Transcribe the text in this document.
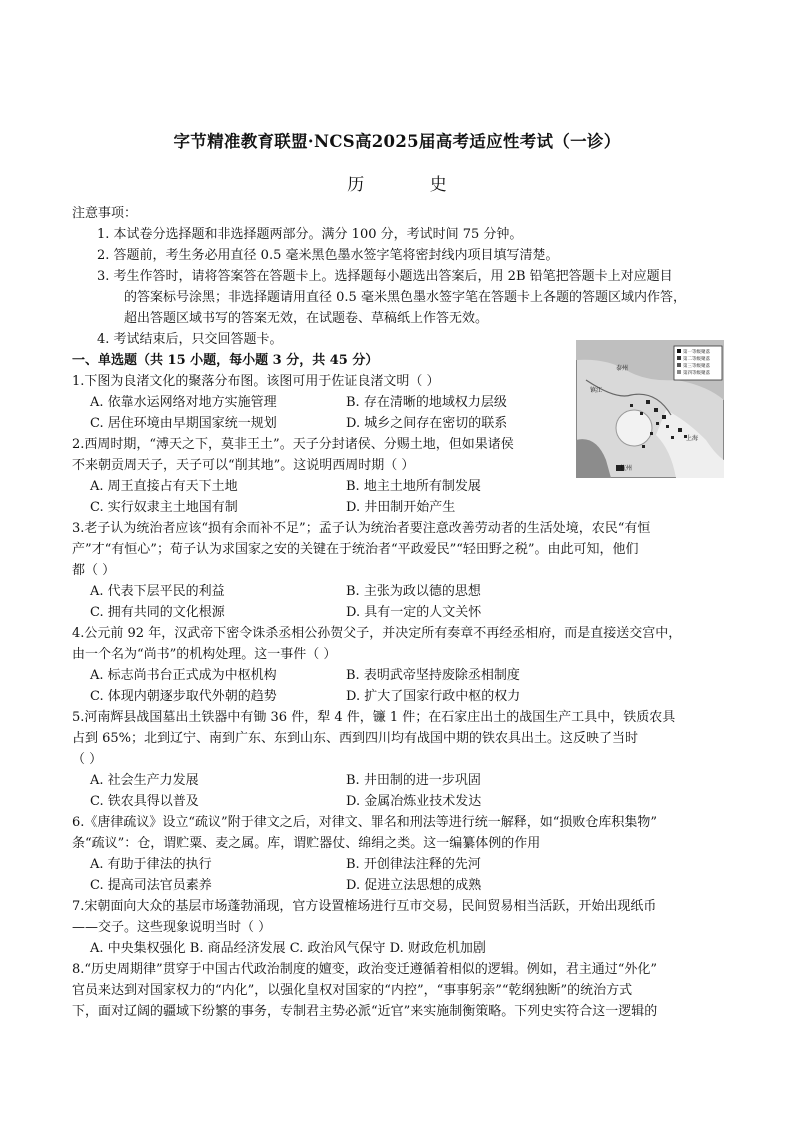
字节精准教育联盟·NCS高2025届高考适应性考试（一诊）
历 史
注意事项：
1. 本试卷分选择题和非选择题两部分。满分 100 分，考试时间 75 分钟。
2. 答题前，考生务必用直径 0.5 毫米黑色墨水签字笔将密封线内项目填写清楚。
3. 考生作答时，请将答案答在答题卡上。选择题每小题选出答案后，用 2B 铅笔把答题卡上对应题目
的答案标号涂黑；非选择题请用直径 0.5 毫米黑色墨水签字笔在答题卡上各题的答题区域内作答，
超出答题区域书写的答案无效，在试题卷、草稿纸上作答无效。
4. 考试结束后，只交回答题卡。
一、单选题（共 15 小题，每小题 3 分，共 45 分）
第一等级聚落
第二等级聚落
第三等级聚落
第四等级聚落
泰州
镇江
上海
杭州
1.下图为良渚文化的聚落分布图。该图可用于佐证良渚文明（ ）
A. 依靠水运网络对地方实施管理	B. 存在清晰的地域权力层级
C. 居住环境由早期国家统一规划	D. 城乡之间存在密切的联系
2.西周时期，“溥天之下，莫非王土”。天子分封诸侯、分赐土地，但如果诸侯
不来朝贡周天子，天子可以“削其地”。这说明西周时期（ ）
A. 周王直接占有天下土地	B. 地主土地所有制发展
C. 实行奴隶主土地国有制	D. 井田制开始产生
3.老子认为统治者应该“损有余而补不足”；孟子认为统治者要注意改善劳动者的生活处境，农民“有恒
产”才“有恒心”；荀子认为求国家之安的关键在于统治者“平政爱民”“轻田野之税”。由此可知，他们
都（ ）
A. 代表下层平民的利益	B. 主张为政以德的思想
C. 拥有共同的文化根源	D. 具有一定的人文关怀
4.公元前 92 年，汉武帝下密令诛杀丞相公孙贺父子，并决定所有奏章不再经丞相府，而是直接送交宫中，
由一个名为“尚书”的机构处理。这一事件（ ）
A. 标志尚书台正式成为中枢机构	B. 表明武帝坚持废除丞相制度
C. 体现内朝逐步取代外朝的趋势	D. 扩大了国家行政中枢的权力
5.河南辉县战国墓出土铁器中有锄 36 件，犁 4 件，镰 1 件；在石家庄出土的战国生产工具中，铁质农具
占到 65%；北到辽宁、南到广东、东到山东、西到四川均有战国中期的铁农具出土。这反映了当时
（ ）
A. 社会生产力发展	B. 井田制的进一步巩固
C. 铁农具得以普及	D. 金属冶炼业技术发达
6.《唐律疏议》设立“疏议”附于律文之后，对律文、罪名和刑法等进行统一解释，如“损败仓库积集物”
条“疏议”：仓，谓贮粟、麦之属。库，谓贮器仗、绵绢之类。这一编纂体例的作用
A. 有助于律法的执行	B. 开创律法注释的先河
C. 提高司法官员素养	D. 促进立法思想的成熟
7.宋朝面向大众的基层市场蓬勃涌现，官方设置榷场进行互市交易，民间贸易相当活跃，开始出现纸币
——交子。这些现象说明当时（ ）
A. 中央集权强化 B. 商品经济发展 C. 政治风气保守 D. 财政危机加剧
8.“历史周期律”贯穿于中国古代政治制度的嬗变，政治变迁遵循着相似的逻辑。例如，君主通过“外化”
官员来达到对国家权力的“内化”，以强化皇权对国家的“内控”，“事事躬亲”“乾纲独断”的统治方式
下，面对辽阔的疆域下纷繁的事务，专制君主势必派“近官”来实施制衡策略。下列史实符合这一逻辑的
